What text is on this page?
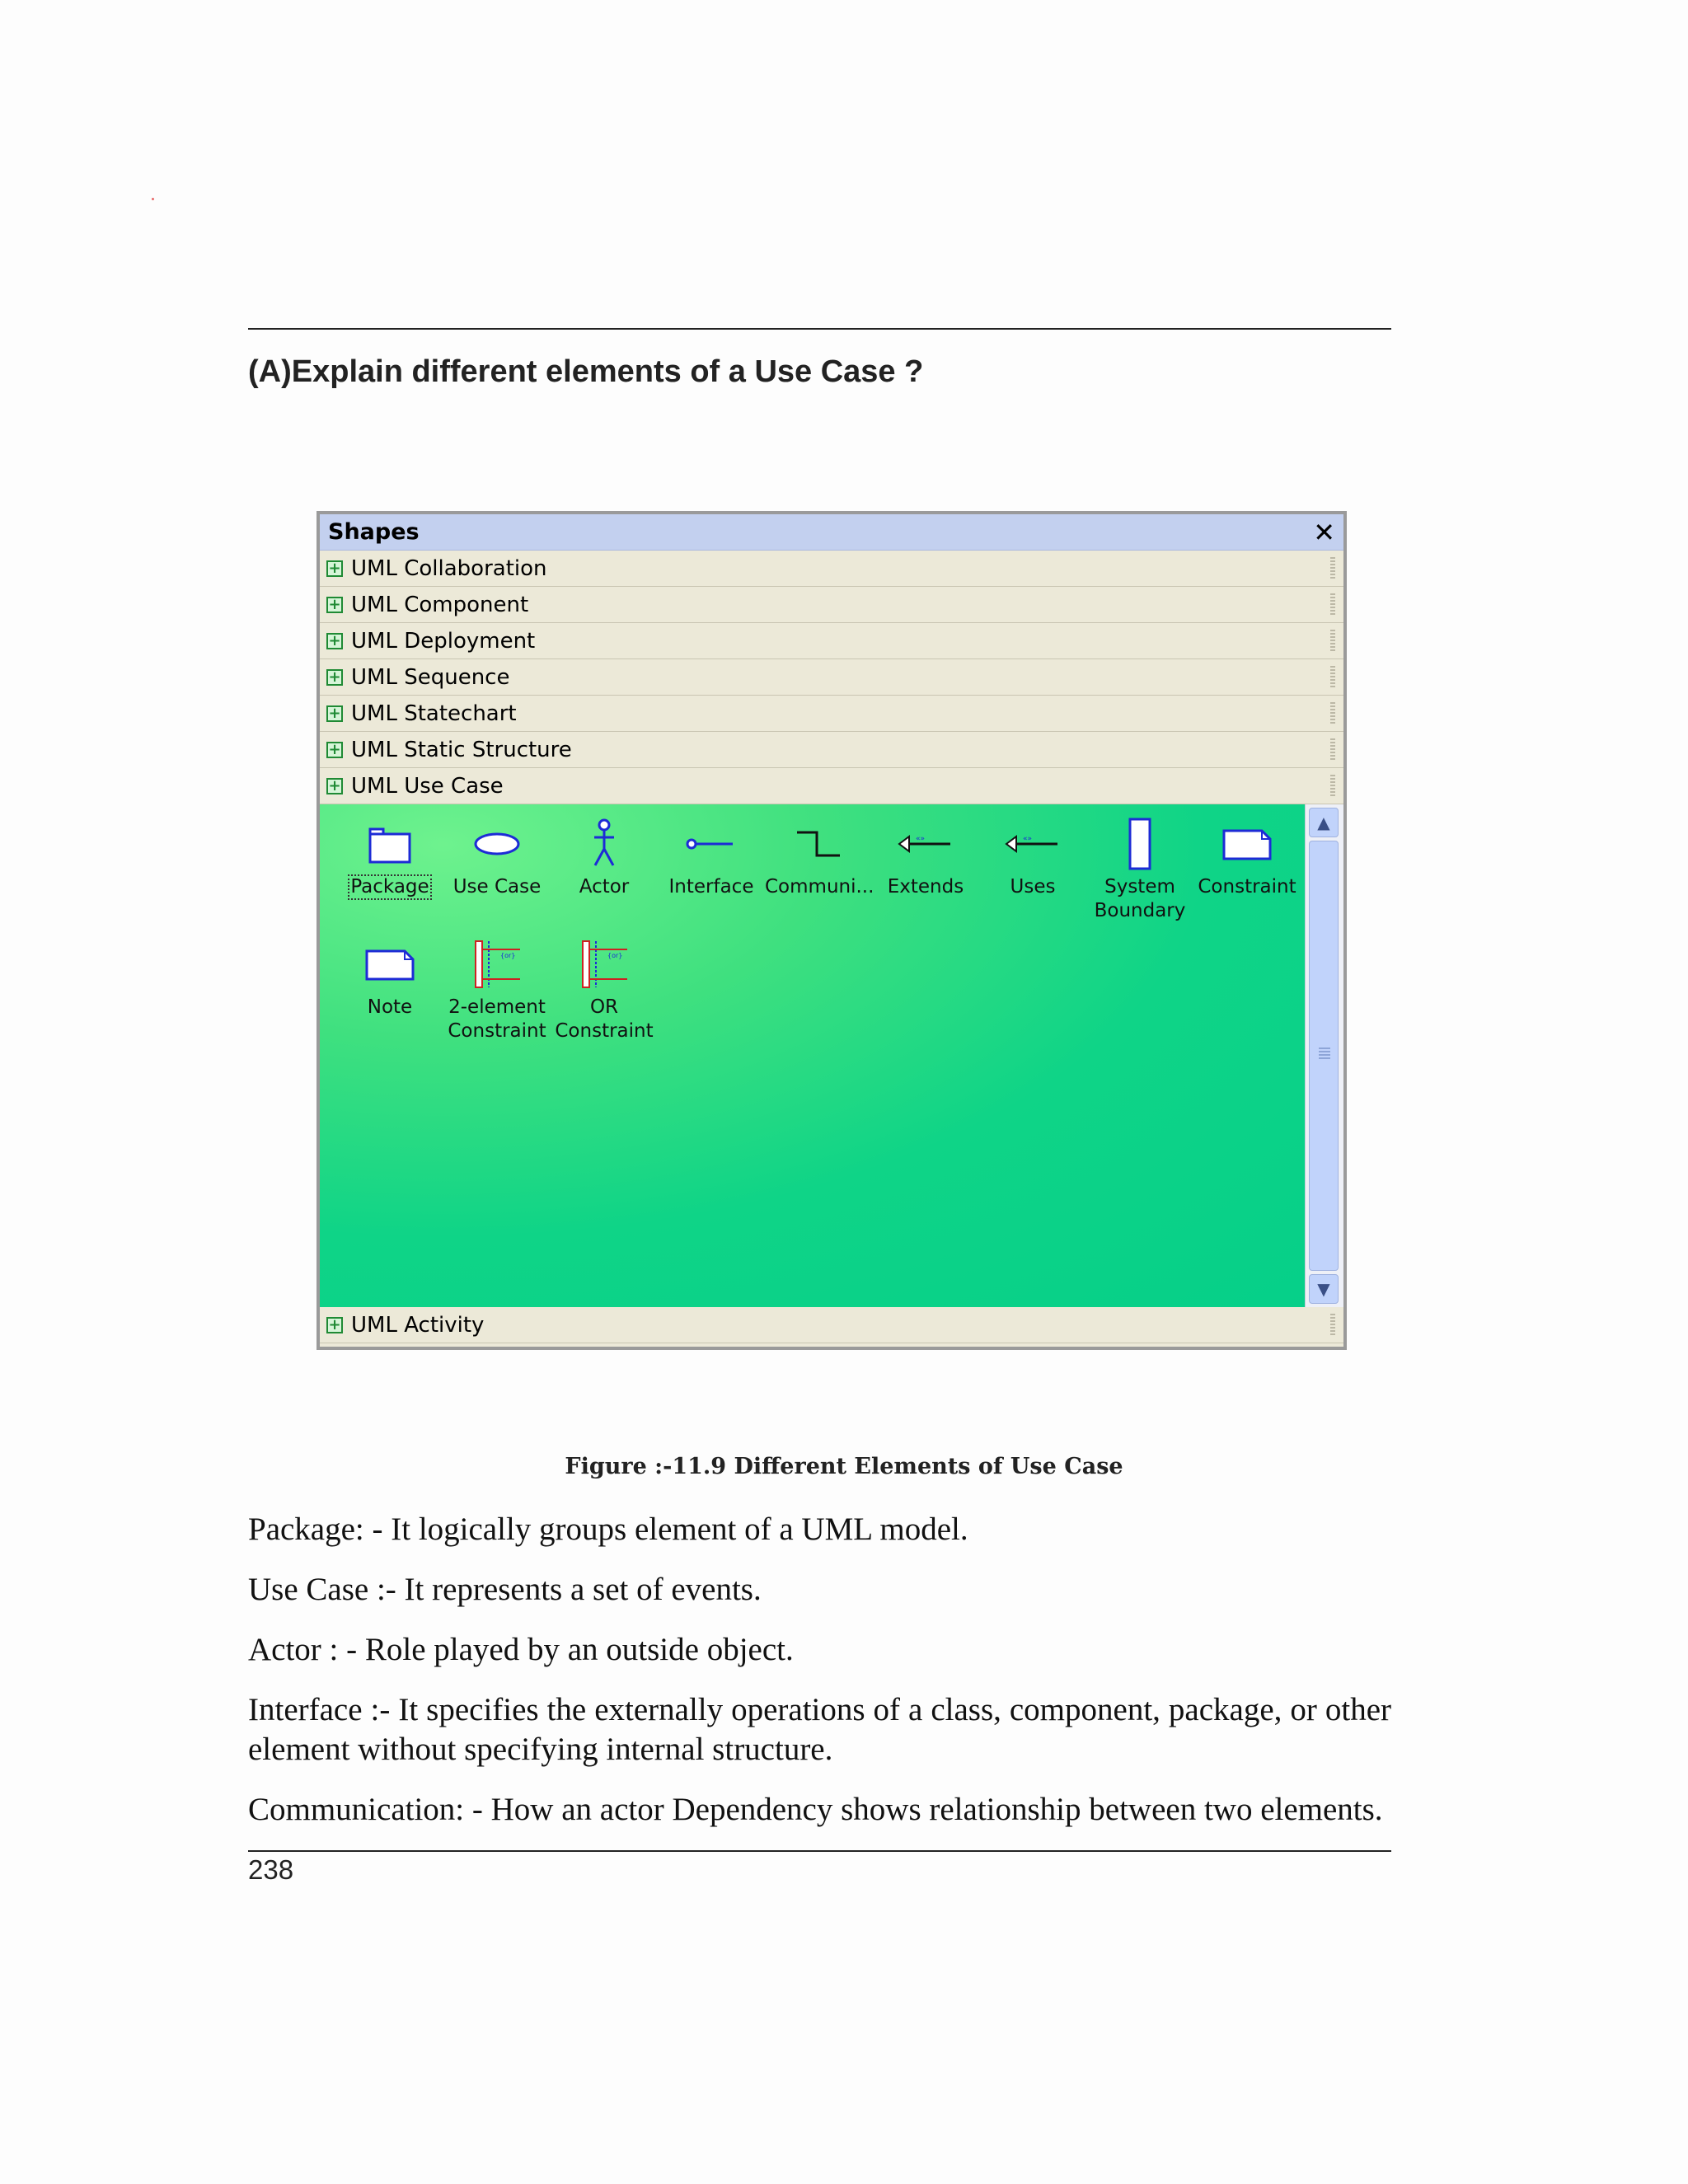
(A)Explain different elements of a Use Case ?
Shapes	✕
+ UML Collaboration
+ UML Component
+ UML Deployment
+ UML Sequence
+ UML Statechart
+ UML Static Structure
+ UML Use Case
Package	Use Case	Actor	Interface Communi...
«»
Extends
«»
Uses	System
Boundary
Constraint
Note
{or}
2-element
Constraint
{or}
OR
Constraint
▲
▼
+ UML Activity

Figure :-11.9 Different Elements of Use Case

Package: - It logically groups element of a UML model.

Use Case :- It represents a set of events.

Actor : - Role played by an outside object.

Interface :- It specifies the externally operations of a class, component, package, or other element without specifying internal structure.

Communication: - How an actor Dependency shows relationship between two elements.

238
